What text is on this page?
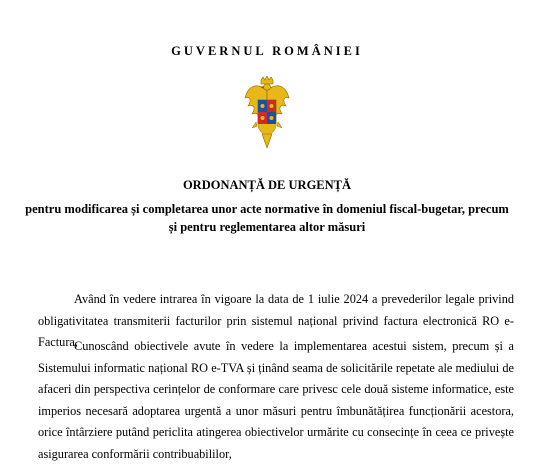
GUVERNUL ROMÂNIEI
ORDONANȚĂ DE URGENȚĂ
pentru modificarea și completarea unor acte normative în domeniul fiscal-bugetar, precum și pentru reglementarea altor măsuri

Având în vedere intrarea în vigoare la data de 1 iulie 2024 a prevederilor legale privind obligativitatea transmiterii facturilor prin sistemul național privind factura electronică RO e-Factura,

Cunoscând obiectivele avute în vedere la implementarea acestui sistem, precum și a Sistemului informatic național RO e-TVA și ținând seama de solicitările repetate ale mediului de afaceri din perspectiva cerințelor de conformare care privesc cele două sisteme informatice, este imperios necesară adoptarea urgentă a unor măsuri pentru îmbunătățirea funcționării acestora, orice întârziere putând periclita atingerea obiectivelor urmărite cu consecințe în ceea ce privește asigurarea conformării contribuabililor,
